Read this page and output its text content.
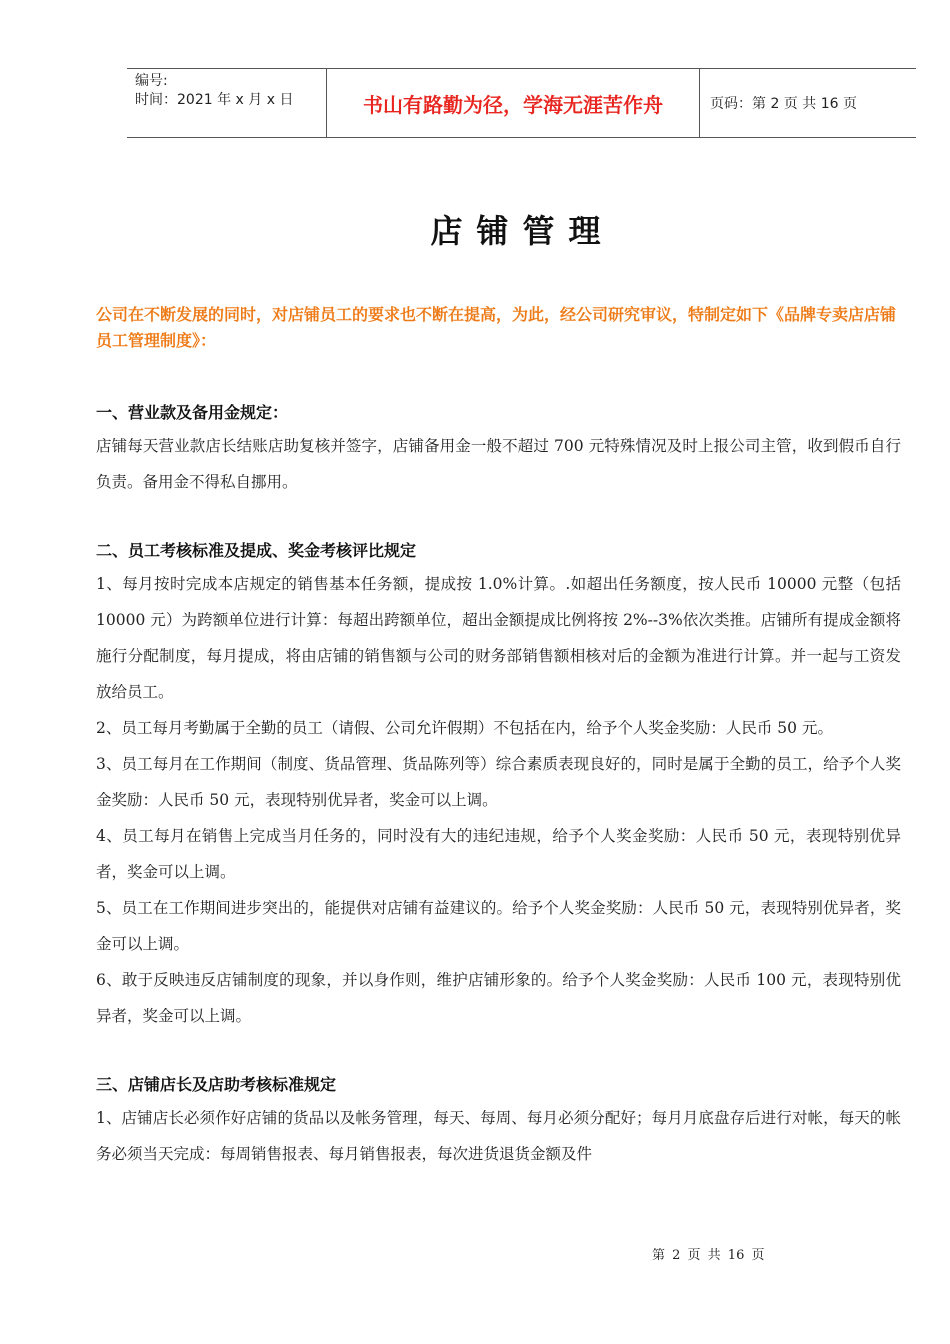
编号:
时间：2021 年 x 月 x 日	书山有路勤为径，学海无涯苦作舟	页码：第 2 页 共 16 页
店铺管理
公司在不断发展的同时，对店铺员工的要求也不断在提高，为此，经公司研究审议，特制定如下《品牌专卖店店铺员工管理制度》：
一、营业款及备用金规定：

店铺每天营业款店长结账店助复核并签字，店铺备用金一般不超过 700 元特殊情况及时上报公司主管，收到假币自行负责。备用金不得私自挪用。

二、员工考核标准及提成、奖金考核评比规定

1、每月按时完成本店规定的销售基本任务额，提成按 1.0%计算。.如超出任务额度，按人民币 10000 元整（包括 10000 元）为跨额单位进行计算：每超出跨额单位，超出金额提成比例将按 2%--3%依次类推。店铺所有提成金额将施行分配制度，每月提成，将由店铺的销售额与公司的财务部销售额相核对后的金额为准进行计算。并一起与工资发放给员工。

2、员工每月考勤属于全勤的员工（请假、公司允许假期）不包括在内，给予个人奖金奖励：人民币 50 元。

3、员工每月在工作期间（制度、货品管理、货品陈列等）综合素质表现良好的，同时是属于全勤的员工，给予个人奖金奖励：人民币 50 元，表现特别优异者，奖金可以上调。

4、员工每月在销售上完成当月任务的，同时没有大的违纪违规，给予个人奖金奖励：人民币 50 元，表现特别优异者，奖金可以上调。

5、员工在工作期间进步突出的，能提供对店铺有益建议的。给予个人奖金奖励：人民币 50 元，表现特别优异者，奖金可以上调。

6、敢于反映违反店铺制度的现象，并以身作则，维护店铺形象的。给予个人奖金奖励：人民币 100 元，表现特别优异者，奖金可以上调。

三、店铺店长及店助考核标准规定

1、店铺店长必须作好店铺的货品以及帐务管理，每天、每周、每月必须分配好；每月月底盘存后进行对帐，每天的帐务必须当天完成：每周销售报表、每月销售报表，每次进货退货金额及件

第 2 页 共 16 页
